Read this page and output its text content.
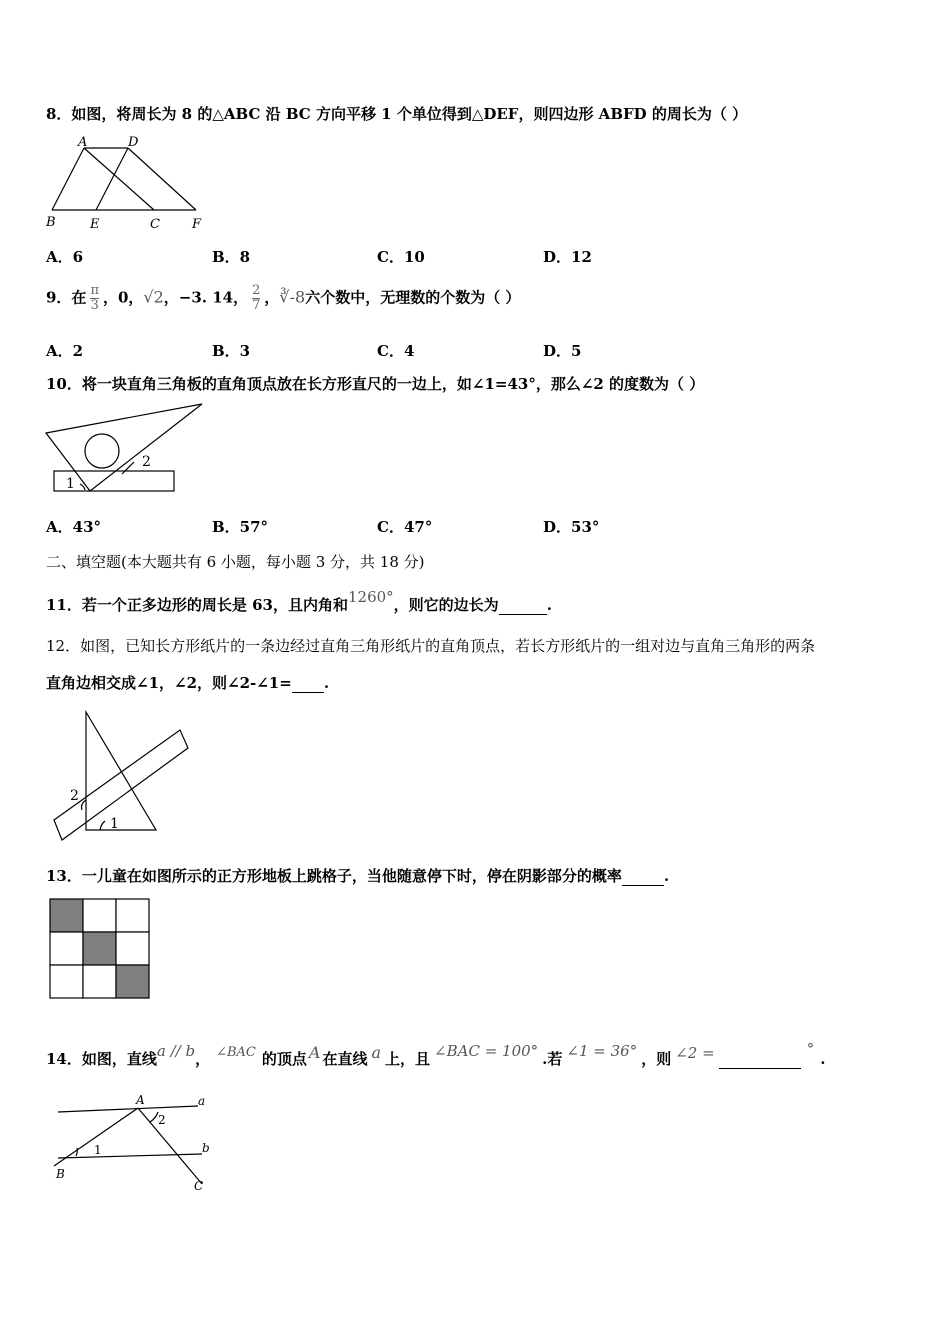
8．如图，将周长为 8 的△ABC 沿 BC 方向平移 1 个单位得到△DEF，则四边形 ABFD 的周长为（ ）
A	D
B	E	C F
A．6	B．8	C．10	D．12
9．在 $\frac{\pi}{3}$ ，0，√2，−3. 14， $\frac{2}{7}$ ，∛-8六个数中，无理数的个数为（ ）
A．2	B．3	C．4	D．5
10．将一块直角三角板的直角顶点放在长方形直尺的一边上，如∠1=43°，那么∠2 的度数为（ ）
2
1
A．43°	B．57°	C．47°	D．53°
二、填空题(本大题共有 6 小题，每小题 3 分，共 18 分)
11．若一个正多边形的周长是 63，且内角和1260°，则它的边长为	.
12．如图，已知长方形纸片的一条边经过直角三角形纸片的直角顶点，若长方形纸片的一组对边与直角三角形的两条
直角边相交成∠1，∠2，则∠2-∠1= .
2
1
13．一儿童在如图所示的正方形地板上跳格子，当他随意停下时，停在阴影部分的概率	.
14．如图，直线a // b， ∠BAC 的顶点 A 在直线 a 上，且 ∠BAC = 100° .若 ∠1 = 36° ，则 ∠2 =	°.
A	a
2
b
1
B
C
